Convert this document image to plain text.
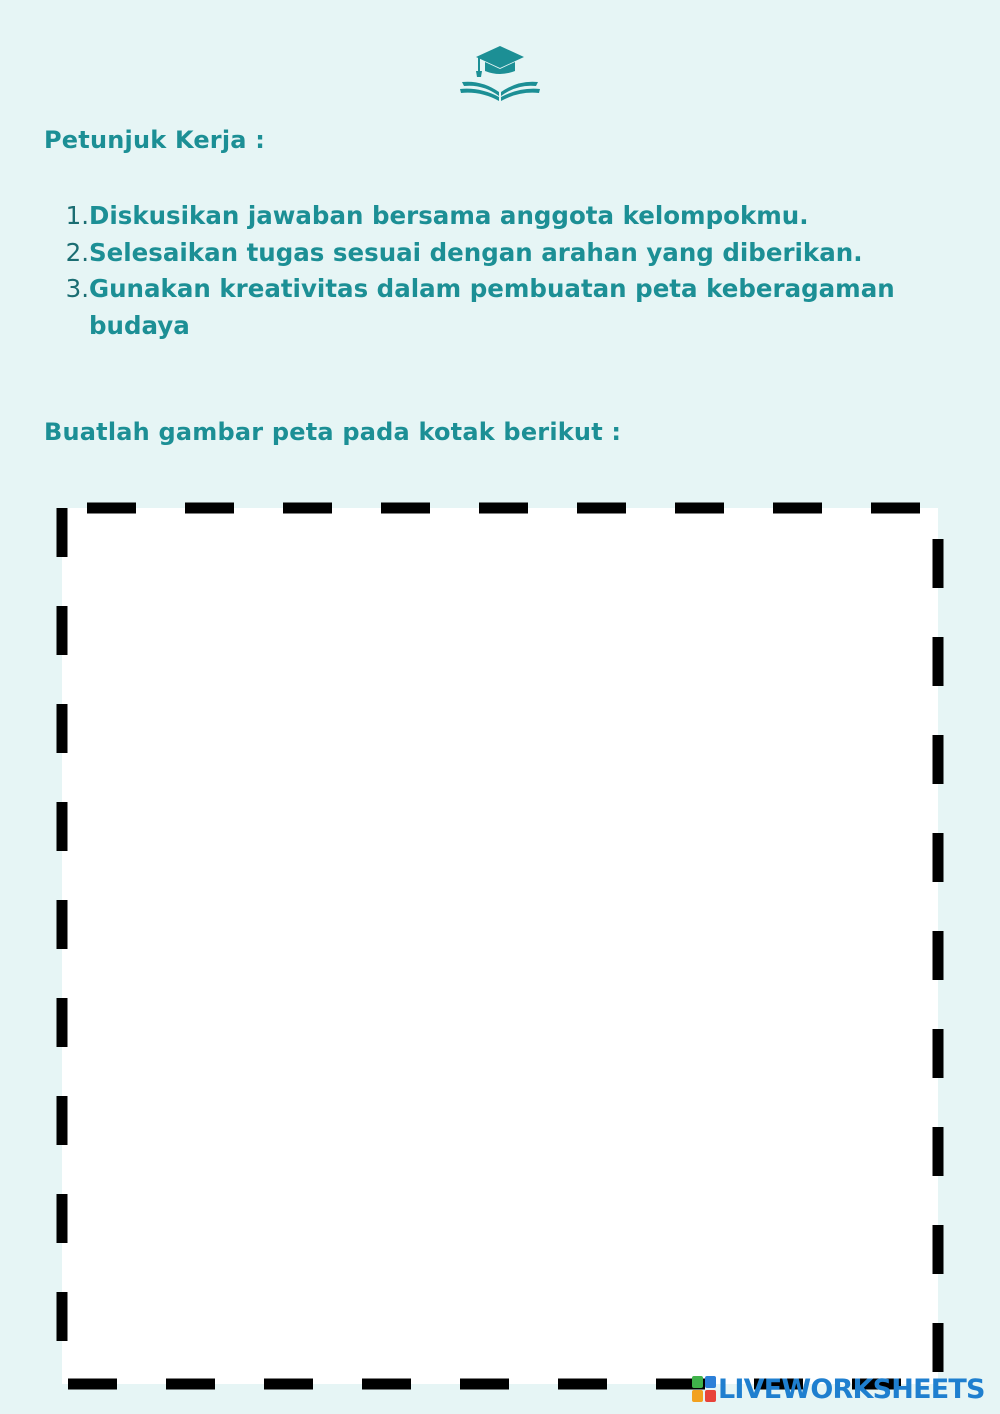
Petunjuk Kerja :
1. Diskusikan jawaban bersama anggota kelompokmu.
2. Selesaikan tugas sesuai dengan arahan yang diberikan.
3. Gunakan kreativitas dalam pembuatan peta keberagaman budaya
Buatlah gambar peta pada kotak berikut :
LIVEWORKSHEETS
